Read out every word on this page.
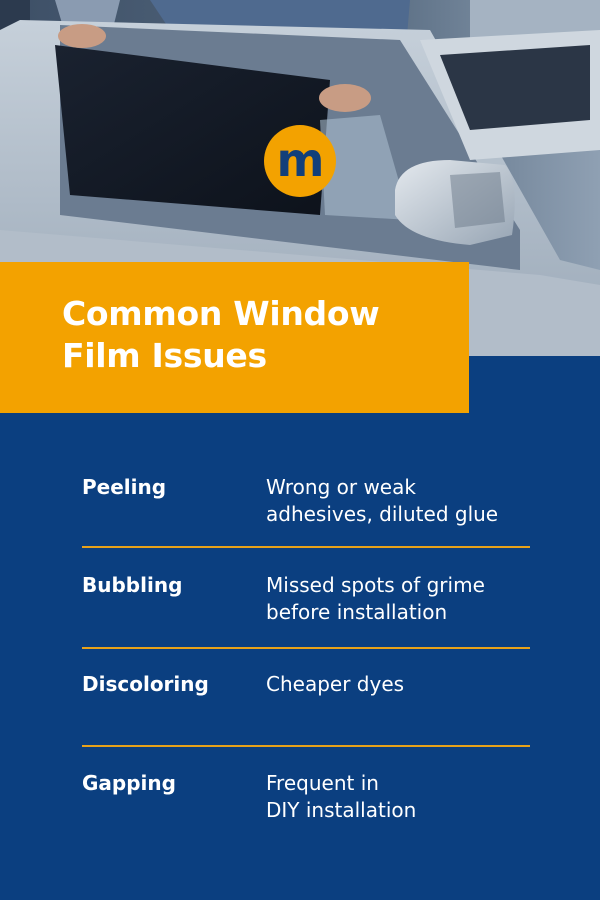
m
Common Window
Film Issues
Peeling	Wrong or weak
adhesives, diluted glue
Bubbling	Missed spots of grime
before installation
Discoloring	Cheaper dyes
Gapping	Frequent in
DIY installation
